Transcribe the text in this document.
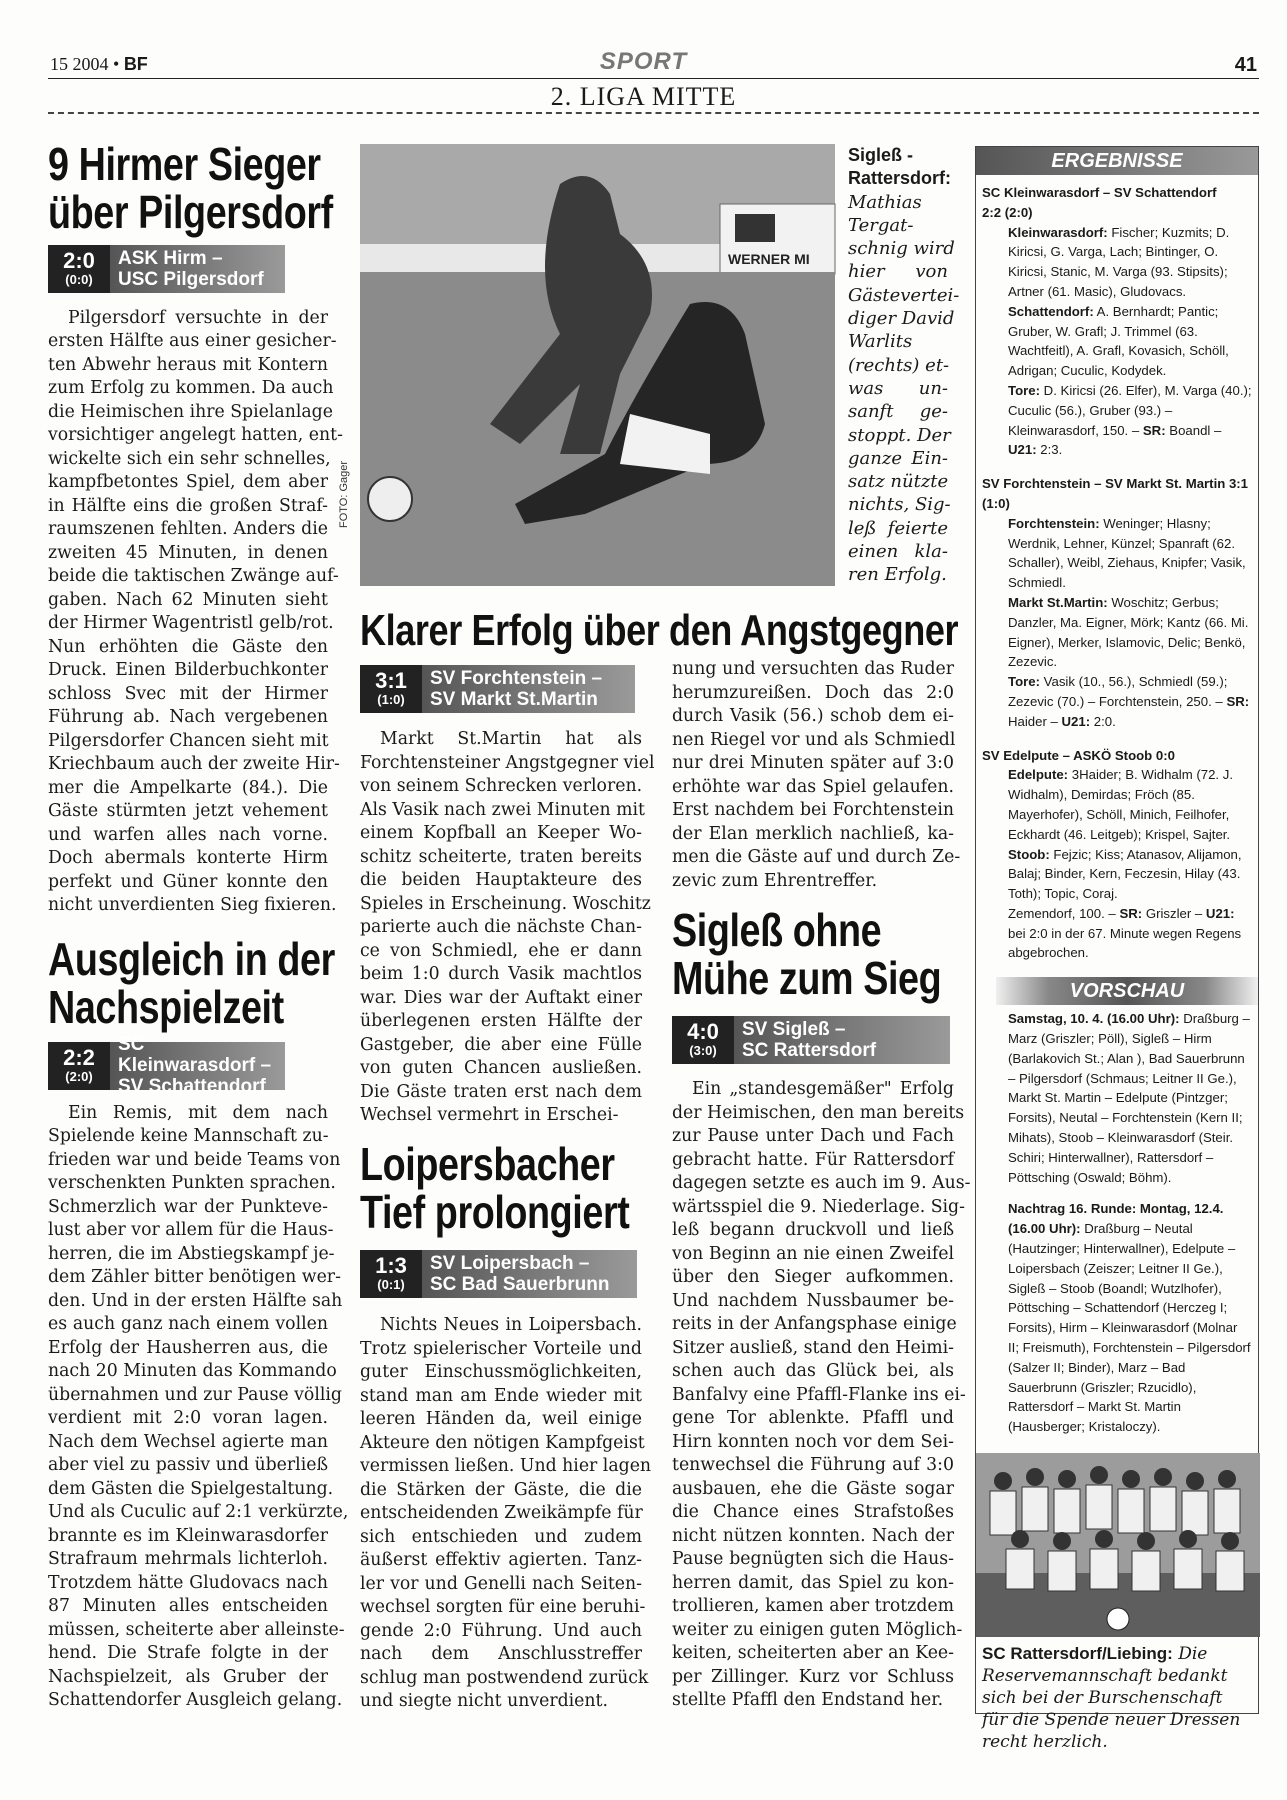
15 2004 • BF	SPORT	41
2. LIGA MITTE
9 Hirmer Sieger
über Pilgersdorf
2:0
(0:0)
ASK Hirm –
USC Pilgersdorf
Pilgersdorf versuchte in der
ersten Hälfte aus einer gesicher-
ten Abwehr heraus mit Kontern
zum Erfolg zu kommen. Da auch
die Heimischen ihre Spielanlage
vorsichtiger angelegt hatten, ent-
wickelte sich ein sehr schnelles,
kampfbetontes Spiel, dem aber
in Hälfte eins die großen Straf-
raumszenen fehlten. Anders die
zweiten 45 Minuten, in denen
beide die taktischen Zwänge auf-
gaben. Nach 62 Minuten sieht
der Hirmer Wagentristl gelb/rot.
Nun erhöhten die Gäste den
Druck. Einen Bilderbuchkonter
schloss Svec mit der Hirmer
Führung ab. Nach vergebenen
Pilgersdorfer Chancen sieht mit
Kriechbaum auch der zweite Hir-
mer die Ampelkarte (84.). Die
Gäste stürmten jetzt vehement
und warfen alles nach vorne.
Doch abermals konterte Hirm
perfekt und Güner konnte den
nicht unverdienten Sieg fixieren.
Ausgleich in der
Nachspielzeit
2:2
(2:0)
SC Kleinwarasdorf –
SV Schattendorf
Ein Remis, mit dem nach
Spielende keine Mannschaft zu-
frieden war und beide Teams von
verschenkten Punkten sprachen.
Schmerzlich war der Punkteve-
lust aber vor allem für die Haus-
herren, die im Abstiegskampf je-
dem Zähler bitter benötigen wer-
den. Und in der ersten Hälfte sah
es auch ganz nach einem vollen
Erfolg der Hausherren aus, die
nach 20 Minuten das Kommando
übernahmen und zur Pause völlig
verdient mit 2:0 voran lagen.
Nach dem Wechsel agierte man
aber viel zu passiv und überließ
dem Gästen die Spielgestaltung.
Und als Cuculic auf 2:1 verkürzte,
brannte es im Kleinwarasdorfer
Strafraum mehrmals lichterloh.
Trotzdem hätte Gludovacs nach
87 Minuten alles entscheiden
müssen, scheiterte aber alleinste-
hend. Die Strafe folgte in der
Nachspielzeit, als Gruber der
Schattendorfer Ausgleich gelang.
WERNER MI
FOTO: Gager
Sigleß -
Rattersdorf:
Mathias
Tergat-
schnig wird
hier von
Gästevertei-
diger David
Warlits
(rechts) et-
was un-
sanft ge-
stoppt. Der
ganze Ein-
satz nützte
nichts, Sig-
leß feierte
einen kla-
ren Erfolg.
Klarer Erfolg über den Angstgegner
3:1
(1:0)
SV Forchtenstein –
SV Markt St.Martin
Markt St.Martin hat als
Forchtensteiner Angstgegner viel
von seinem Schrecken verloren.
Als Vasik nach zwei Minuten mit
einem Kopfball an Keeper Wo-
schitz scheiterte, traten bereits
die beiden Hauptakteure des
Spieles in Erscheinung. Woschitz
parierte auch die nächste Chan-
ce von Schmiedl, ehe er dann
beim 1:0 durch Vasik machtlos
war. Dies war der Auftakt einer
überlegenen ersten Hälfte der
Gastgeber, die aber eine Fülle
von guten Chancen ausließen.
Die Gäste traten erst nach dem
Wechsel vermehrt in Erschei-
nung und versuchten das Ruder
herumzureißen. Doch das 2:0
durch Vasik (56.) schob dem ei-
nen Riegel vor und als Schmiedl
nur drei Minuten später auf 3:0
erhöhte war das Spiel gelaufen.
Erst nachdem bei Forchtenstein
der Elan merklich nachließ, ka-
men die Gäste auf und durch Ze-
zevic zum Ehrentreffer.
Loipersbacher
Tief prolongiert
1:3
(0:1)
SV Loipersbach –
SC Bad Sauerbrunn
Nichts Neues in Loipersbach.
Trotz spielerischer Vorteile und
guter Einschussmöglichkeiten,
stand man am Ende wieder mit
leeren Händen da, weil einige
Akteure den nötigen Kampfgeist
vermissen ließen. Und hier lagen
die Stärken der Gäste, die die
entscheidenden Zweikämpfe für
sich entschieden und zudem
äußerst effektiv agierten. Tanz-
ler vor und Genelli nach Seiten-
wechsel sorgten für eine beruhi-
gende 2:0 Führung. Und auch
nach dem Anschlusstreffer
schlug man postwendend zurück
und siegte nicht unverdient.
Sigleß ohne
Mühe zum Sieg
4:0
(3:0)
SV Sigleß –
SC Rattersdorf
Ein „standesgemäßer" Erfolg
der Heimischen, den man bereits
zur Pause unter Dach und Fach
gebracht hatte. Für Rattersdorf
dagegen setzte es auch im 9. Aus-
wärtsspiel die 9. Niederlage. Sig-
leß begann druckvoll und ließ
von Beginn an nie einen Zweifel
über den Sieger aufkommen.
Und nachdem Nussbaumer be-
reits in der Anfangsphase einige
Sitzer ausließ, stand den Heimi-
schen auch das Glück bei, als
Banfalvy eine Pfaffl-Flanke ins ei-
gene Tor ablenkte. Pfaffl und
Hirn konnten noch vor dem Sei-
tenwechsel die Führung auf 3:0
ausbauen, ehe die Gäste sogar
die Chance eines Strafstoßes
nicht nützen konnten. Nach der
Pause begnügten sich die Haus-
herren damit, das Spiel zu kon-
trollieren, kamen aber trotzdem
weiter zu einigen guten Möglich-
keiten, scheiterten aber an Kee-
per Zillinger. Kurz vor Schluss
stellte Pfaffl den Endstand her.
ERGEBNISSE
SC Kleinwarasdorf – SV Schattendorf
2:2 (2:0)
Kleinwarasdorf: Fischer; Kuzmits; D. Kiricsi, G. Varga, Lach; Bintinger, O. Kiricsi, Stanic, M. Varga (93. Stipsits); Artner (61. Masic), Gludovacs.
Schattendorf: A. Bernhardt; Pantic; Gruber, W. Grafl; J. Trimmel (63. Wachtfeitl), A. Grafl, Kovasich, Schöll, Adrigan; Cuculic, Kodydek.
Tore: D. Kiricsi (26. Elfer), M. Varga (40.); Cuculic (56.), Gruber (93.) – Kleinwarasdorf, 150. – SR: Boandl – U21: 2:3.
SV Forchtenstein – SV Markt St. Martin 3:1 (1:0)
Forchtenstein: Weninger; Hlasny; Werdnik, Lehner, Künzel; Spanraft (62. Schaller), Weibl, Ziehaus, Knipfer; Vasik, Schmiedl.
Markt St.Martin: Woschitz; Gerbus; Danzler, Ma. Eigner, Mörk; Kantz (66. Mi. Eigner), Merker, Islamovic, Delic; Benkö, Zezevic.
Tore: Vasik (10., 56.), Schmiedl (59.); Zezevic (70.) – Forchtenstein, 250. – SR: Haider – U21: 2:0.
SV Edelpute – ASKÖ Stoob 0:0
Edelpute: 3Haider; B. Widhalm (72. J. Widhalm), Demirdas; Fröch (85. Mayerhofer), Schöll, Minich, Feilhofer, Eckhardt (46. Leitgeb); Krispel, Sajter.
Stoob: Fejzic; Kiss; Atanasov, Alijamon, Balaj; Binder, Kern, Feczesin, Hilay (43. Toth); Topic, Coraj.
Zemendorf, 100. – SR: Griszler – U21: bei 2:0 in der 67. Minute wegen Regens abgebrochen.
VORSCHAU
Samstag, 10. 4. (16.00 Uhr): Draßburg – Marz (Griszler; Pöll), Sigleß – Hirm (Barlakovich St.; Alan ), Bad Sauerbrunn – Pilgersdorf (Schmaus; Leitner II Ge.), Markt St. Martin – Edelpute (Pintzger; Forsits), Neutal – Forchtenstein (Kern II; Mihats), Stoob – Kleinwarasdorf (Steir. Schiri; Hinterwallner), Rattersdorf – Pöttsching (Oswald; Böhm).
Nachtrag 16. Runde: Montag, 12.4. (16.00 Uhr): Draßburg – Neutal (Hautzinger; Hinterwallner), Edelpute – Loipersbach (Zeiszer; Leitner II Ge.), Sigleß – Stoob (Boandl; Wutzlhofer), Pöttsching – Schattendorf (Herczeg I; Forsits), Hirm – Kleinwarasdorf (Molnar II; Freismuth), Forchtenstein – Pilgersdorf (Salzer II; Binder), Marz – Bad Sauerbrunn (Griszler; Rzucidlo), Rattersdorf – Markt St. Martin (Hausberger; Kristaloczy).
SC Rattersdorf/Liebing: Die Reservemannschaft bedankt sich bei der Burschenschaft für die Spende neuer Dressen recht herzlich.
